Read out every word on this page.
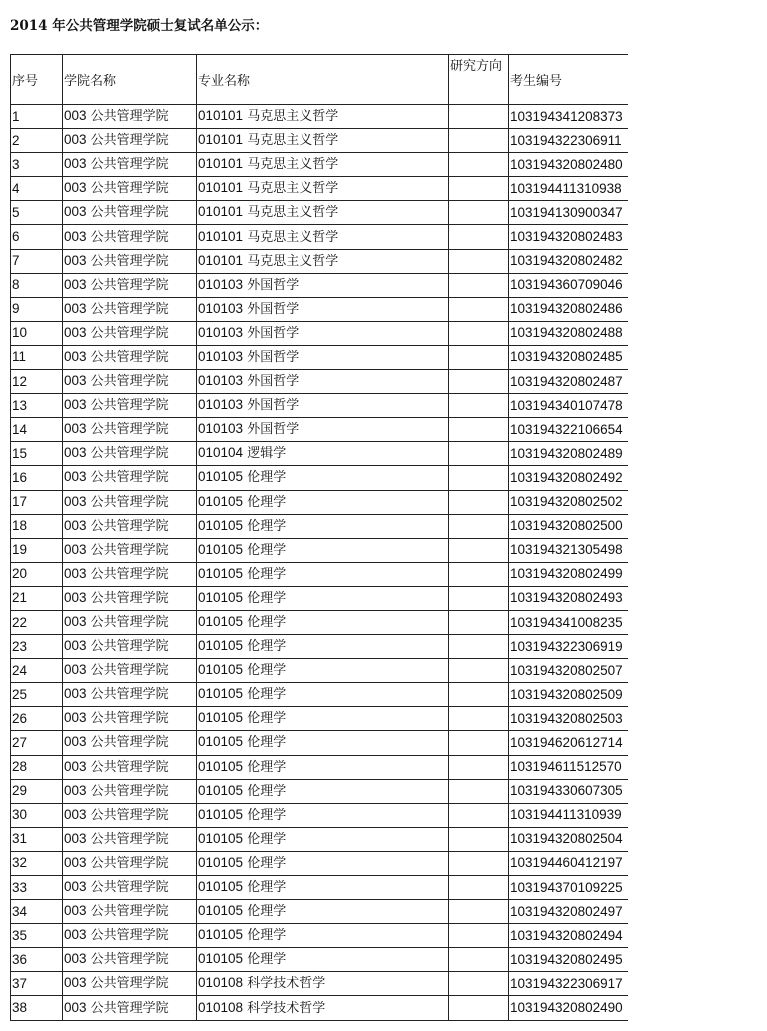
2014 年公共管理学院硕士复试名单公示：
序号	学院名称	专业名称	研究方向	考生编号
1	003 公共管理学院	010101 马克思主义哲学		103194341208373
2	003 公共管理学院	010101 马克思主义哲学		103194322306911
3	003 公共管理学院	010101 马克思主义哲学		103194320802480
4	003 公共管理学院	010101 马克思主义哲学		103194411310938
5	003 公共管理学院	010101 马克思主义哲学		103194130900347
6	003 公共管理学院	010101 马克思主义哲学		103194320802483
7	003 公共管理学院	010101 马克思主义哲学		103194320802482
8	003 公共管理学院	010103 外国哲学		103194360709046
9	003 公共管理学院	010103 外国哲学		103194320802486
10	003 公共管理学院	010103 外国哲学		103194320802488
11	003 公共管理学院	010103 外国哲学		103194320802485
12	003 公共管理学院	010103 外国哲学		103194320802487
13	003 公共管理学院	010103 外国哲学		103194340107478
14	003 公共管理学院	010103 外国哲学		103194322106654
15	003 公共管理学院	010104 逻辑学		103194320802489
16	003 公共管理学院	010105 伦理学		103194320802492
17	003 公共管理学院	010105 伦理学		103194320802502
18	003 公共管理学院	010105 伦理学		103194320802500
19	003 公共管理学院	010105 伦理学		103194321305498
20	003 公共管理学院	010105 伦理学		103194320802499
21	003 公共管理学院	010105 伦理学		103194320802493
22	003 公共管理学院	010105 伦理学		103194341008235
23	003 公共管理学院	010105 伦理学		103194322306919
24	003 公共管理学院	010105 伦理学		103194320802507
25	003 公共管理学院	010105 伦理学		103194320802509
26	003 公共管理学院	010105 伦理学		103194320802503
27	003 公共管理学院	010105 伦理学		103194620612714
28	003 公共管理学院	010105 伦理学		103194611512570
29	003 公共管理学院	010105 伦理学		103194330607305
30	003 公共管理学院	010105 伦理学		103194411310939
31	003 公共管理学院	010105 伦理学		103194320802504
32	003 公共管理学院	010105 伦理学		103194460412197
33	003 公共管理学院	010105 伦理学		103194370109225
34	003 公共管理学院	010105 伦理学		103194320802497
35	003 公共管理学院	010105 伦理学		103194320802494
36	003 公共管理学院	010105 伦理学		103194320802495
37	003 公共管理学院	010108 科学技术哲学		103194322306917
38	003 公共管理学院	010108 科学技术哲学		103194320802490
